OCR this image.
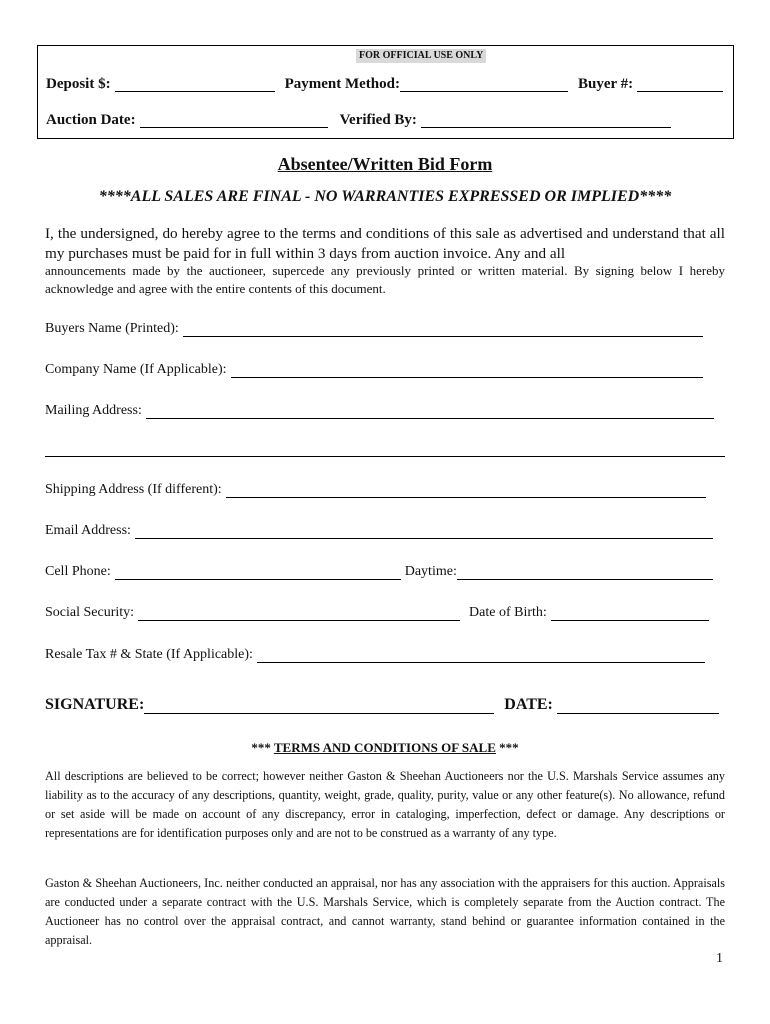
FOR OFFICIAL USE ONLY
Deposit $:	Payment Method:	Buyer #:
Auction Date:	Verified By:
Absentee/Written Bid Form
****ALL SALES ARE FINAL - NO WARRANTIES EXPRESSED OR IMPLIED****
I, the undersigned, do hereby agree to the terms and conditions of this sale as advertised and understand that all my purchases must be paid for in full within 3 days from auction invoice. Any and all
announcements made by the auctioneer, supercede any previously printed or written material. By signing below I hereby acknowledge and agree with the entire contents of this document.
Buyers Name (Printed):
Company Name (If Applicable):
Mailing Address:
Shipping Address (If different):
Email Address:
Cell Phone:	Daytime:
Social Security:	Date of Birth:
Resale Tax # & State (If Applicable):
SIGNATURE:	DATE:
*** TERMS AND CONDITIONS OF SALE ***
All descriptions are believed to be correct; however neither Gaston & Sheehan Auctioneers nor the U.S. Marshals Service assumes any liability as to the accuracy of any descriptions, quantity, weight, grade, quality, purity, value or any other feature(s). No allowance, refund or set aside will be made on account of any discrepancy, error in cataloging, imperfection, defect or damage. Any descriptions or representations are for identification purposes only and are not to be construed as a warranty of any type.
Gaston & Sheehan Auctioneers, Inc. neither conducted an appraisal, nor has any association with the appraisers for this auction. Appraisals are conducted under a separate contract with the U.S. Marshals Service, which is completely separate from the Auction contract. The Auctioneer has no control over the appraisal contract, and cannot warranty, stand behind or guarantee information contained in the appraisal.
1
